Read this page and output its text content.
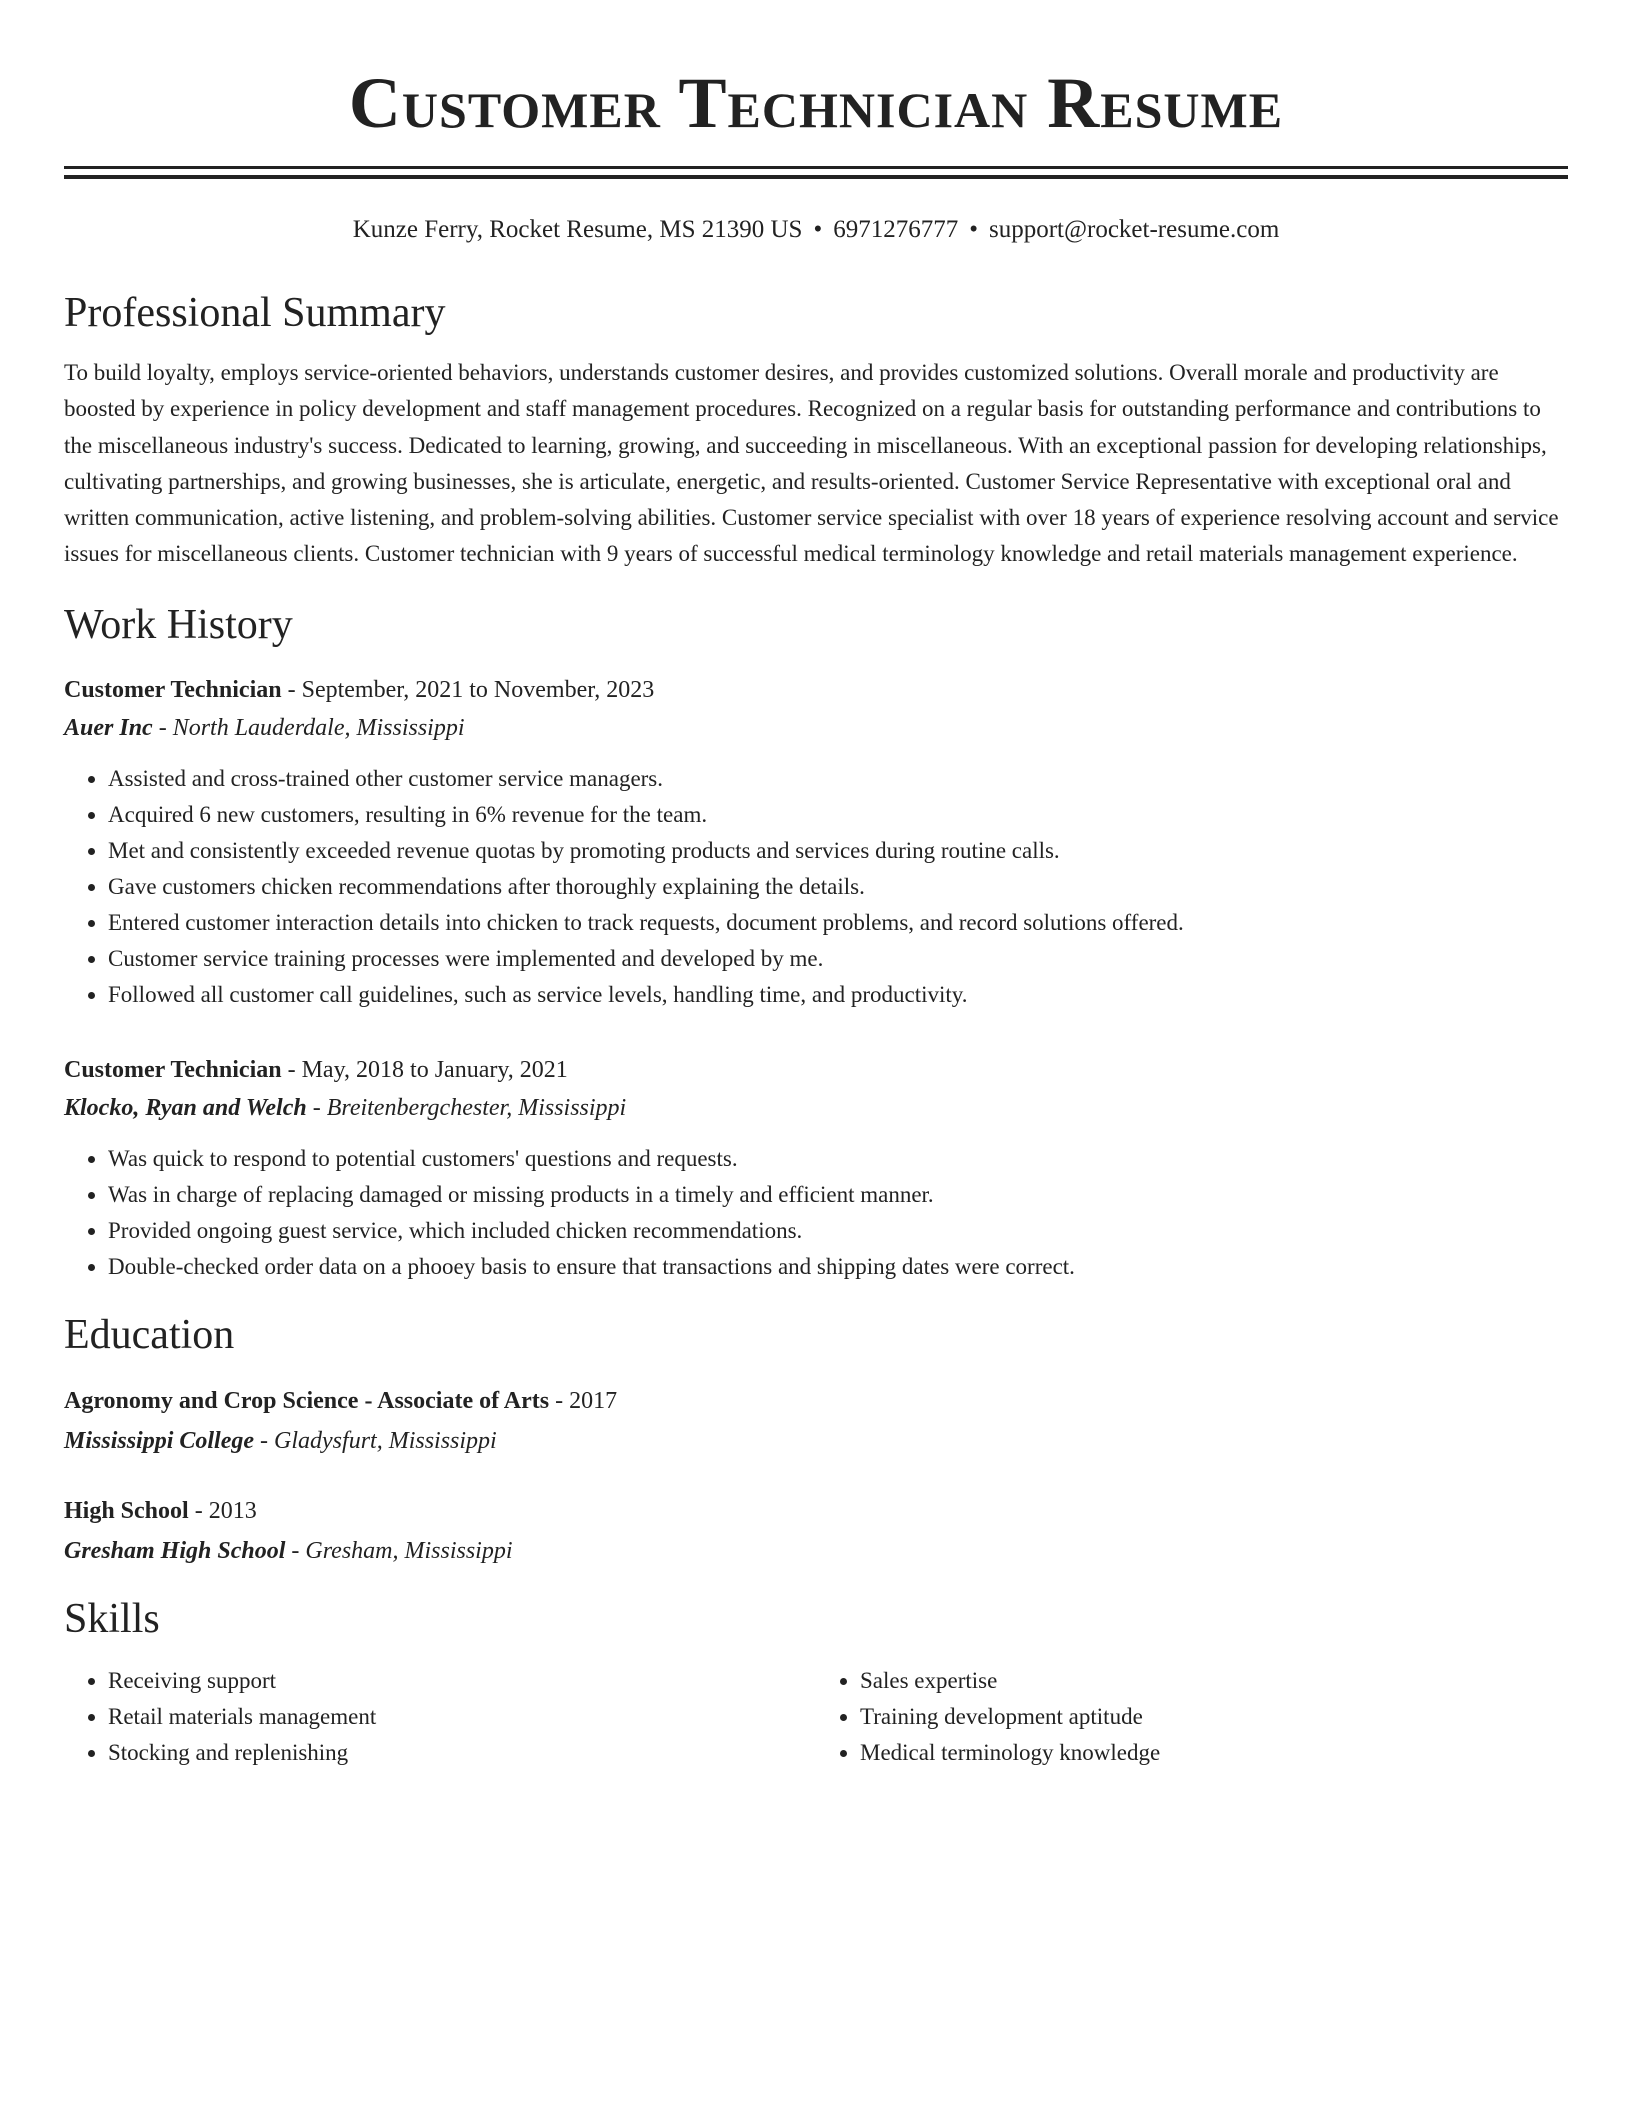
Customer Technician Resume
Kunze Ferry, Rocket Resume, MS 21390 US • 6971276777 • support@rocket-resume.com
Professional Summary

To build loyalty, employs service-oriented behaviors, understands customer desires, and provides customized solutions. Overall morale and productivity are boosted by experience in policy development and staff management procedures. Recognized on a regular basis for outstanding performance and contributions to the miscellaneous industry's success. Dedicated to learning, growing, and succeeding in miscellaneous. With an exceptional passion for developing relationships, cultivating partnerships, and growing businesses, she is articulate, energetic, and results-oriented. Customer Service Representative with exceptional oral and written communication, active listening, and problem-solving abilities. Customer service specialist with over 18 years of experience resolving account and service issues for miscellaneous clients. Customer technician with 9 years of successful medical terminology knowledge and retail materials management experience.

Work History
Customer Technician - September, 2021 to November, 2023
Auer Inc - North Lauderdale, Mississippi
• Assisted and cross-trained other customer service managers.
• Acquired 6 new customers, resulting in 6% revenue for the team.
• Met and consistently exceeded revenue quotas by promoting products and services during routine calls.
• Gave customers chicken recommendations after thoroughly explaining the details.
• Entered customer interaction details into chicken to track requests, document problems, and record solutions offered.
• Customer service training processes were implemented and developed by me.
• Followed all customer call guidelines, such as service levels, handling time, and productivity.
Customer Technician - May, 2018 to January, 2021
Klocko, Ryan and Welch - Breitenbergchester, Mississippi
• Was quick to respond to potential customers' questions and requests.
• Was in charge of replacing damaged or missing products in a timely and efficient manner.
• Provided ongoing guest service, which included chicken recommendations.
• Double-checked order data on a phooey basis to ensure that transactions and shipping dates were correct.
Education
Agronomy and Crop Science - Associate of Arts - 2017
Mississippi College - Gladysfurt, Mississippi
High School - 2013
Gresham High School - Gresham, Mississippi
Skills
• Receiving support
• Retail materials management
• Stocking and replenishing
• Sales expertise
• Training development aptitude
• Medical terminology knowledge
